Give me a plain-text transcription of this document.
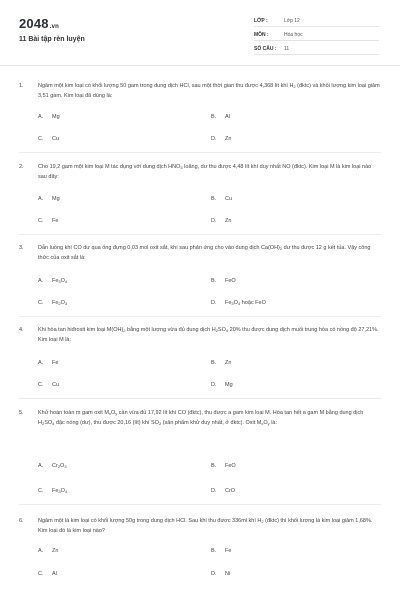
2048.vn
11 Bài tập rèn luyện
LỚP :	Lớp 12
MÔN :	Hóa học
SỐ CÂU : 11
1.	Ngâm một kim loại có khối lượng 50 gam trong dung dịch HCl, sau một thời gian thu được 4,368 lít khí $H_2$ (đktc) và khối lượng kim loại giảm 3,51 gam. Kim loại đã dùng là:
A. Mg	B. Al
C. Cu	D. Zn
2.	Cho 19,2 gam một kim loại M tác dụng với dung dịch $HNO_3$ loãng, dư thu được 4,48 lít khí duy nhất NO (đktc). Kim loại M là kim loại nào sau đây:
A. Mg	B. Cu
C. Fe	D. Zn
3.	Dẫn luồng khí CO dư qua ống đựng 0,03 mol oxit sắt, khí sau phản ứng cho vào dung dịch $Ca(OH)_2$ dư thu được 12 g kết tủa. Vậy công thức của oxit sắt là:
A. $Fe_3O_4$	B. FeO
C. $Fe_2O_3$	D. $Fe_3O_4$ hoặc FeO
4.	Khi hòa tan hiđroxit kim loại $M(OH)_2$ bằng một lượng vừa đủ dung dịch $H_2SO_4$ 20% thu được dung dịch muối trung hòa có nồng độ 27,21%. Kim loại M là:
A. Fe	B. Zn
C. Cu	D. Mg
5.	Khử hoàn toàn m gam oxit $M_xO_y$ cần vừa đủ 17,92 lít khí CO (đktc), thu được a gam kim loại M. Hòa tan hết a gam M bằng dung dịch $H_2SO_4$ đặc nóng (dư), thu được 20,16 (lít) khí $SO_2$ (sản phẩm khử duy nhất, ở đktc). Oxit $M_xO_y$ là:
A. $Cr_2O_3$	B. FeO
C. $Fe_3O_4$	D. CrO
6.	Ngâm một lá kim loại có khối lượng 50g trong dung dịch HCl. Sau khi thu được 336ml khí $H_2$ (đktc) thì khối lượng lá kim loại giảm 1,68%. Kim loại đó là kim loại nào?
A. Zn	B. Fe
C. Al	D. Ni
